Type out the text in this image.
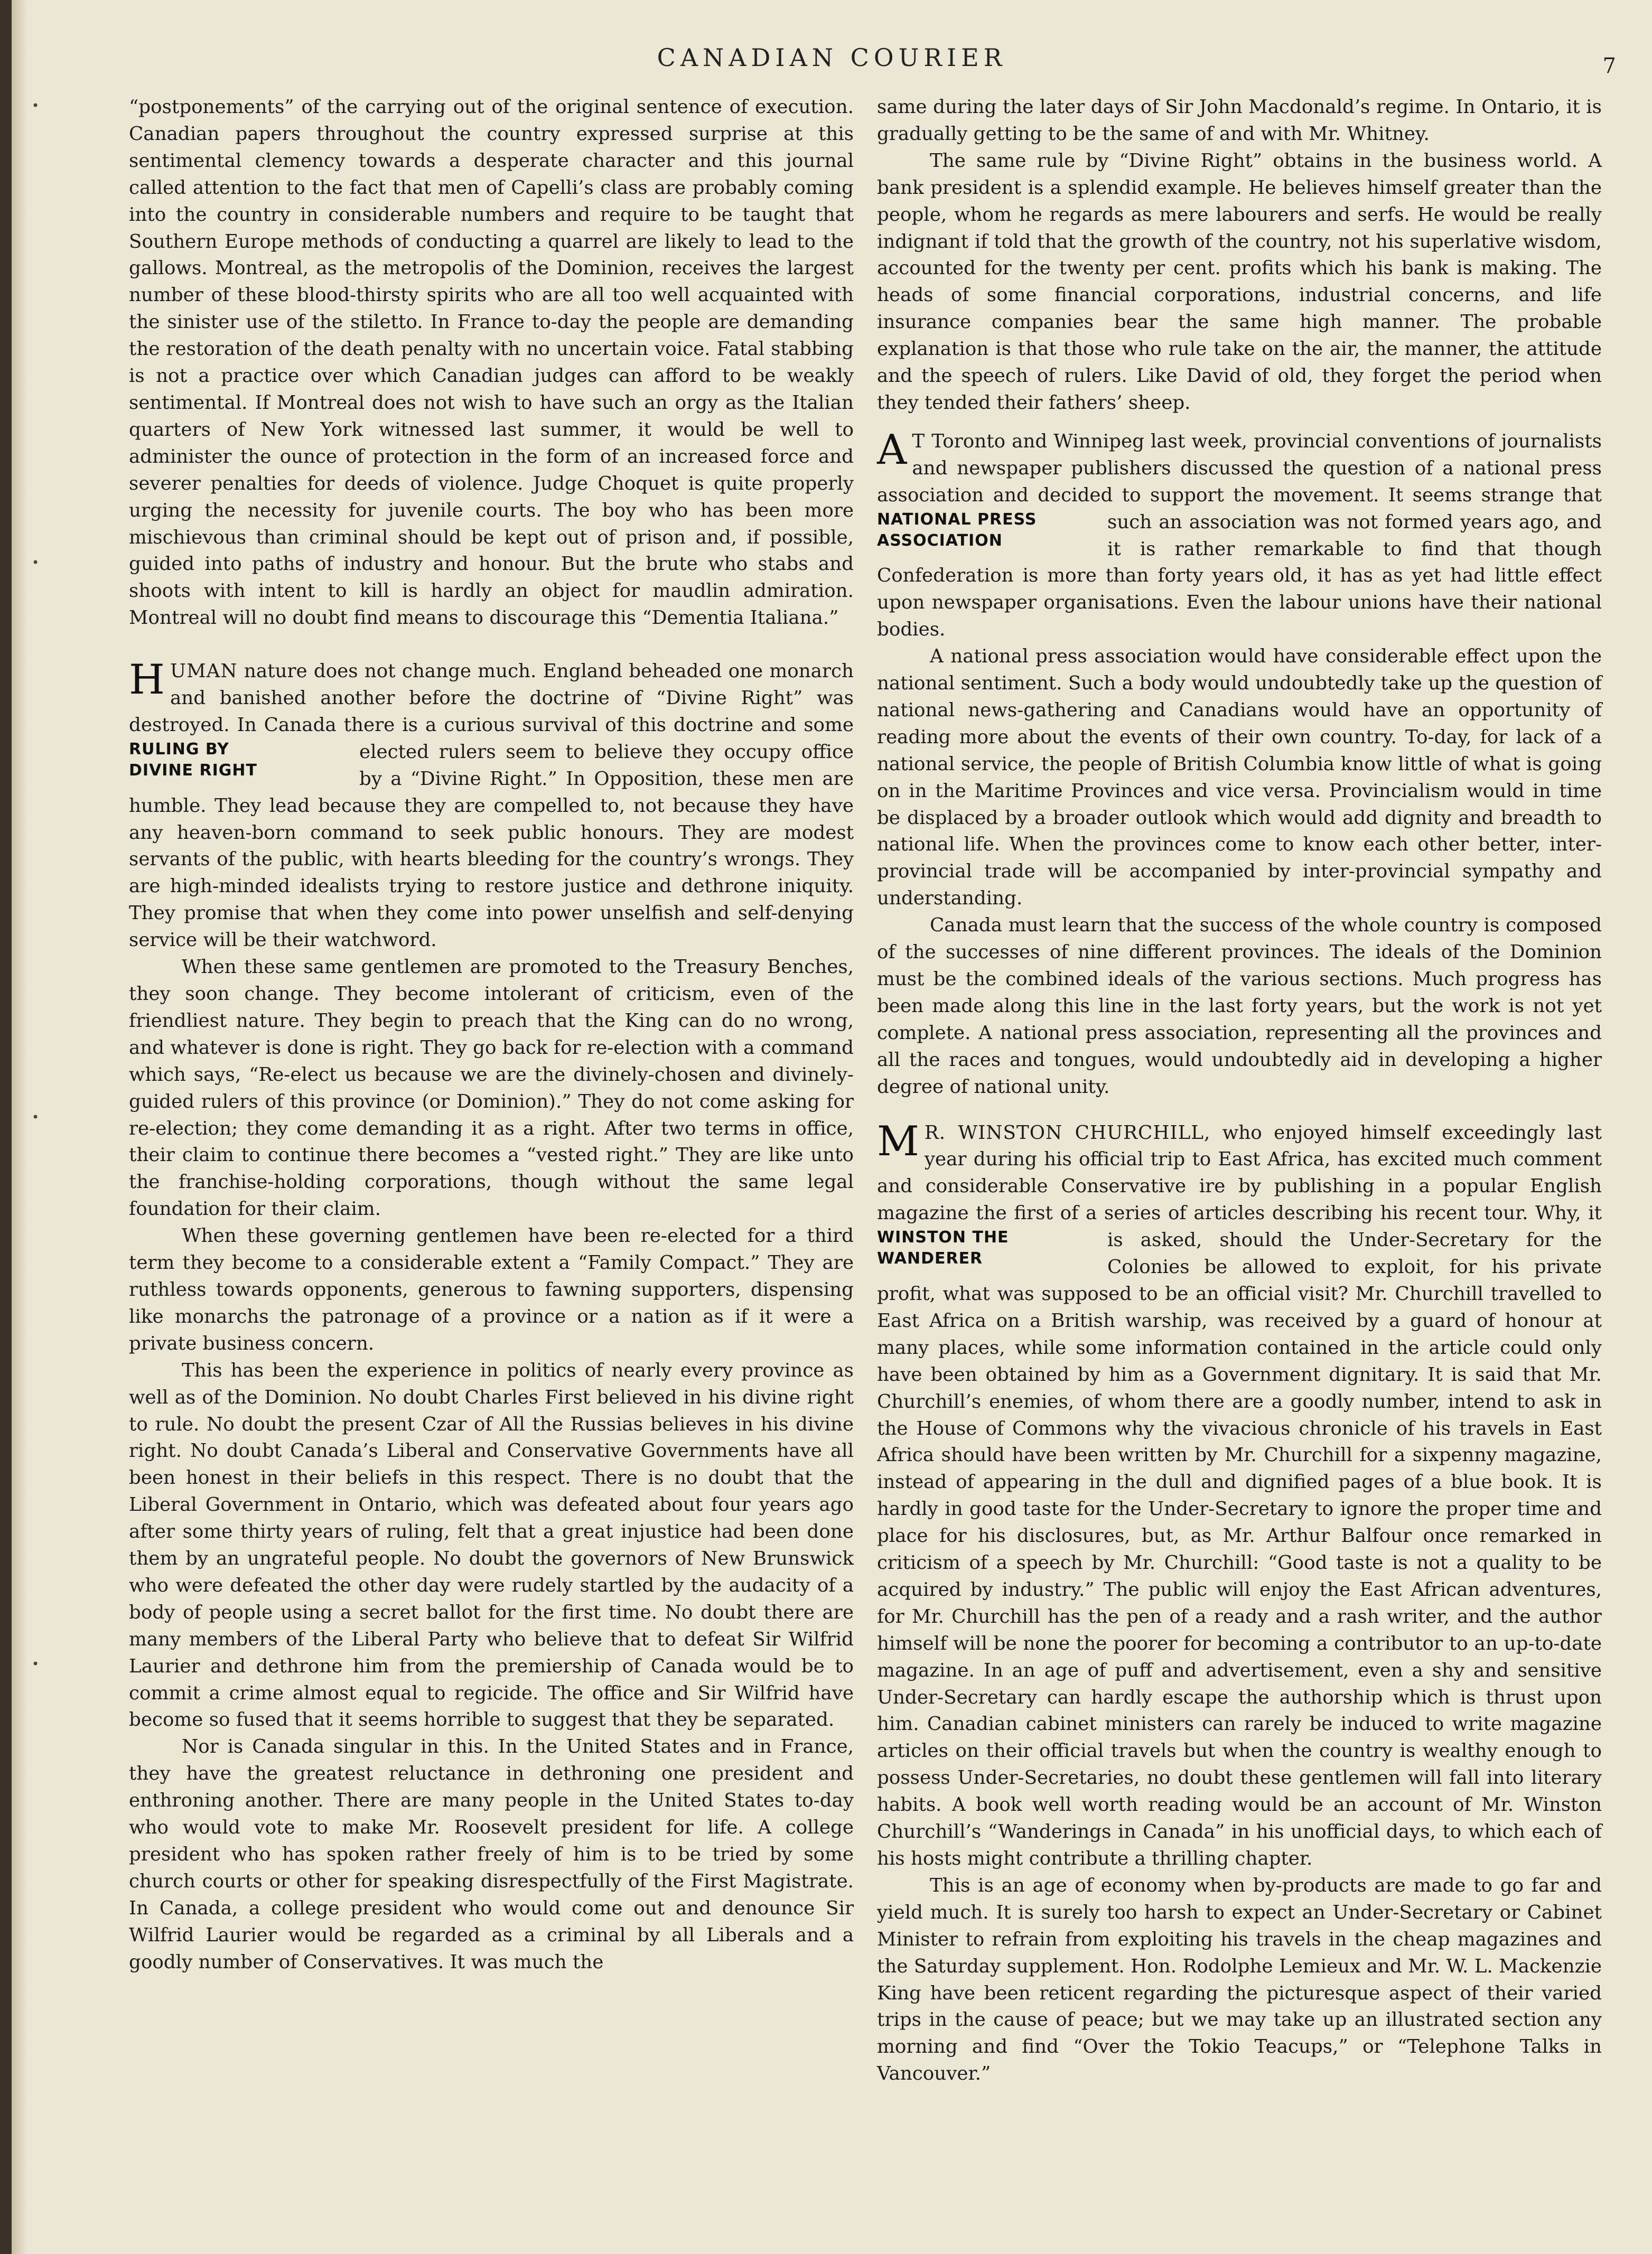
•
•
•
•
CANADIAN COURIER	7

“postponements” of the carrying out of the original sentence of execution. Canadian papers throughout the country expressed surprise at this sentimental clemency towards a desperate character and this journal called attention to the fact that men of Capelli’s class are probably coming into the country in considerable numbers and require to be taught that Southern Europe methods of conducting a quarrel are likely to lead to the gallows. Montreal, as the metropolis of the Dominion, receives the largest number of these blood-thirsty spirits who are all too well acquainted with the sinister use of the stiletto. In France to-day the people are demanding the restoration of the death penalty with no uncertain voice. Fatal stabbing is not a practice over which Canadian judges can afford to be weakly sentimental. If Montreal does not wish to have such an orgy as the Italian quarters of New York witnessed last summer, it would be well to administer the ounce of protection in the form of an increased force and severer penalties for deeds of violence. Judge Choquet is quite properly urging the necessity for juvenile courts. The boy who has been more mischievous than criminal should be kept out of prison and, if possible, guided into paths of industry and honour. But the brute who stabs and shoots with intent to kill is hardly an object for maudlin admiration. Montreal will no doubt find means to discourage this “Dementia Italiana.”

HUMAN nature does not change much. England beheaded one monarch and banished another before the doctrine of “Divine Right” was destroyed. In Canada there is a curious survival of this doctrine and some elected rulers seem to believe they occupy office
RULING BY
DIVINE RIGHT	by a “Divine Right.” In Opposition, these men are humble. They lead because they are compelled to, not because they have any heaven-born command to seek public honours. They are modest servants of the public, with hearts bleeding for the country’s wrongs. They are high-minded idealists trying to restore justice and dethrone iniquity. They promise that when they come into power unselfish and self-denying service will be their watchword.

When these same gentlemen are promoted to the Treasury Benches, they soon change. They become intolerant of criticism, even of the friendliest nature. They begin to preach that the King can do no wrong, and whatever is done is right. They go back for re-election with a command which says, “Re-elect us because we are the divinely-chosen and divinely-guided rulers of this province (or Dominion).” They do not come asking for re-election; they come demanding it as a right. After two terms in office, their claim to continue there becomes a “vested right.” They are like unto the franchise-holding corporations, though without the same legal foundation for their claim.

When these governing gentlemen have been re-elected for a third term they become to a considerable extent a “Family Compact.” They are ruthless towards opponents, generous to fawning supporters, dispensing like monarchs the patronage of a province or a nation as if it were a private business concern.

This has been the experience in politics of nearly every province as well as of the Dominion. No doubt Charles First believed in his divine right to rule. No doubt the present Czar of All the Russias believes in his divine right. No doubt Canada’s Liberal and Conservative Governments have all been honest in their beliefs in this respect. There is no doubt that the Liberal Government in Ontario, which was defeated about four years ago after some thirty years of ruling, felt that a great injustice had been done them by an ungrateful people. No doubt the governors of New Brunswick who were defeated the other day were rudely startled by the audacity of a body of people using a secret ballot for the first time. No doubt there are many members of the Liberal Party who believe that to defeat Sir Wilfrid Laurier and dethrone him from the premiership of Canada would be to commit a crime almost equal to regicide. The office and Sir Wilfrid have become so fused that it seems horrible to suggest that they be separated.

Nor is Canada singular in this. In the United States and in France, they have the greatest reluctance in dethroning one president and enthroning another. There are many people in the United States to-day who would vote to make Mr. Roosevelt president for life. A college president who has spoken rather freely of him is to be tried by some church courts or other for speaking disrespectfully of the First Magistrate. In Canada, a college president who would come out and denounce Sir Wilfrid Laurier would be regarded as a criminal by all Liberals and a goodly number of Conservatives. It was much the

same during the later days of Sir John Macdonald’s regime. In Ontario, it is gradually getting to be the same of and with Mr. Whitney.

The same rule by “Divine Right” obtains in the business world. A bank president is a splendid example. He believes himself greater than the people, whom he regards as mere labourers and serfs. He would be really indignant if told that the growth of the country, not his superlative wisdom, accounted for the twenty per cent. profits which his bank is making. The heads of some financial corporations, industrial concerns, and life insurance companies bear the same high manner. The probable explanation is that those who rule take on the air, the manner, the attitude and the speech of rulers. Like David of old, they forget the period when they tended their fathers’ sheep.

A T Toronto and Winnipeg last week, provincial conventions of journalists and newspaper publishers discussed the question of a national press association and decided to support the movement. It seems strange that such an association was not formed years ago,
NATIONAL PRESS
ASSOCIATION
and it is rather remarkable to find that though Confederation is more than forty years old, it has as yet had little effect upon newspaper organisations. Even the labour unions have their national bodies.

A national press association would have considerable effect upon the national sentiment. Such a body would undoubtedly take up the question of national news-gathering and Canadians would have an opportunity of reading more about the events of their own country. To-day, for lack of a national service, the people of British Columbia know little of what is going on in the Maritime Provinces and vice versa. Provincialism would in time be displaced by a broader outlook which would add dignity and breadth to national life. When the provinces come to know each other better, inter-provincial trade will be accompanied by inter-provincial sympathy and understanding.

Canada must learn that the success of the whole country is composed of the successes of nine different provinces. The ideals of the Dominion must be the combined ideals of the various sections. Much progress has been made along this line in the last forty years, but the work is not yet complete. A national press association, representing all the provinces and all the races and tongues, would undoubtedly aid in developing a higher degree of national unity.

M R. WINSTON CHURCHILL, who enjoyed himself exceedingly last year during his official trip to East Africa, has excited much comment and considerable Conservative ire by publishing in a popular English magazine the first of a series of articles describing his recent
WINSTON THE
WANDERER
tour. Why, it is asked, should the Under-Secretary for the Colonies be allowed to exploit, for his private profit, what was supposed to be an official visit? Mr. Churchill travelled to East Africa on a British warship, was received by a guard of honour at many places, while some information contained in the article could only have been obtained by him as a Government dignitary. It is said that Mr. Churchill’s enemies, of whom there are a goodly number, intend to ask in the House of Commons why the vivacious chronicle of his travels in East Africa should have been written by Mr. Churchill for a sixpenny magazine, instead of appearing in the dull and dignified pages of a blue book. It is hardly in good taste for the Under-Secretary to ignore the proper time and place for his disclosures, but, as Mr. Arthur Balfour once remarked in criticism of a speech by Mr. Churchill: “Good taste is not a quality to be acquired by industry.” The public will enjoy the East African adventures, for Mr. Churchill has the pen of a ready and a rash writer, and the author himself will be none the poorer for becoming a contributor to an up-to-date magazine. In an age of puff and advertisement, even a shy and sensitive Under-Secretary can hardly escape the authorship which is thrust upon him. Canadian cabinet ministers can rarely be induced to write magazine articles on their official travels but when the country is wealthy enough to possess Under-Secretaries, no doubt these gentlemen will fall into literary habits. A book well worth reading would be an account of Mr. Winston Churchill’s “Wanderings in Canada” in his unofficial days, to which each of his hosts might contribute a thrilling chapter.

This is an age of economy when by-products are made to go far and yield much. It is surely too harsh to expect an Under-Secretary or Cabinet Minister to refrain from exploiting his travels in the cheap magazines and the Saturday supplement. Hon. Rodolphe Lemieux and Mr. W. L. Mackenzie King have been reticent regarding the picturesque aspect of their varied trips in the cause of peace; but we may take up an illustrated section any morning and find “Over the Tokio Teacups,” or “Telephone Talks in Vancouver.”
